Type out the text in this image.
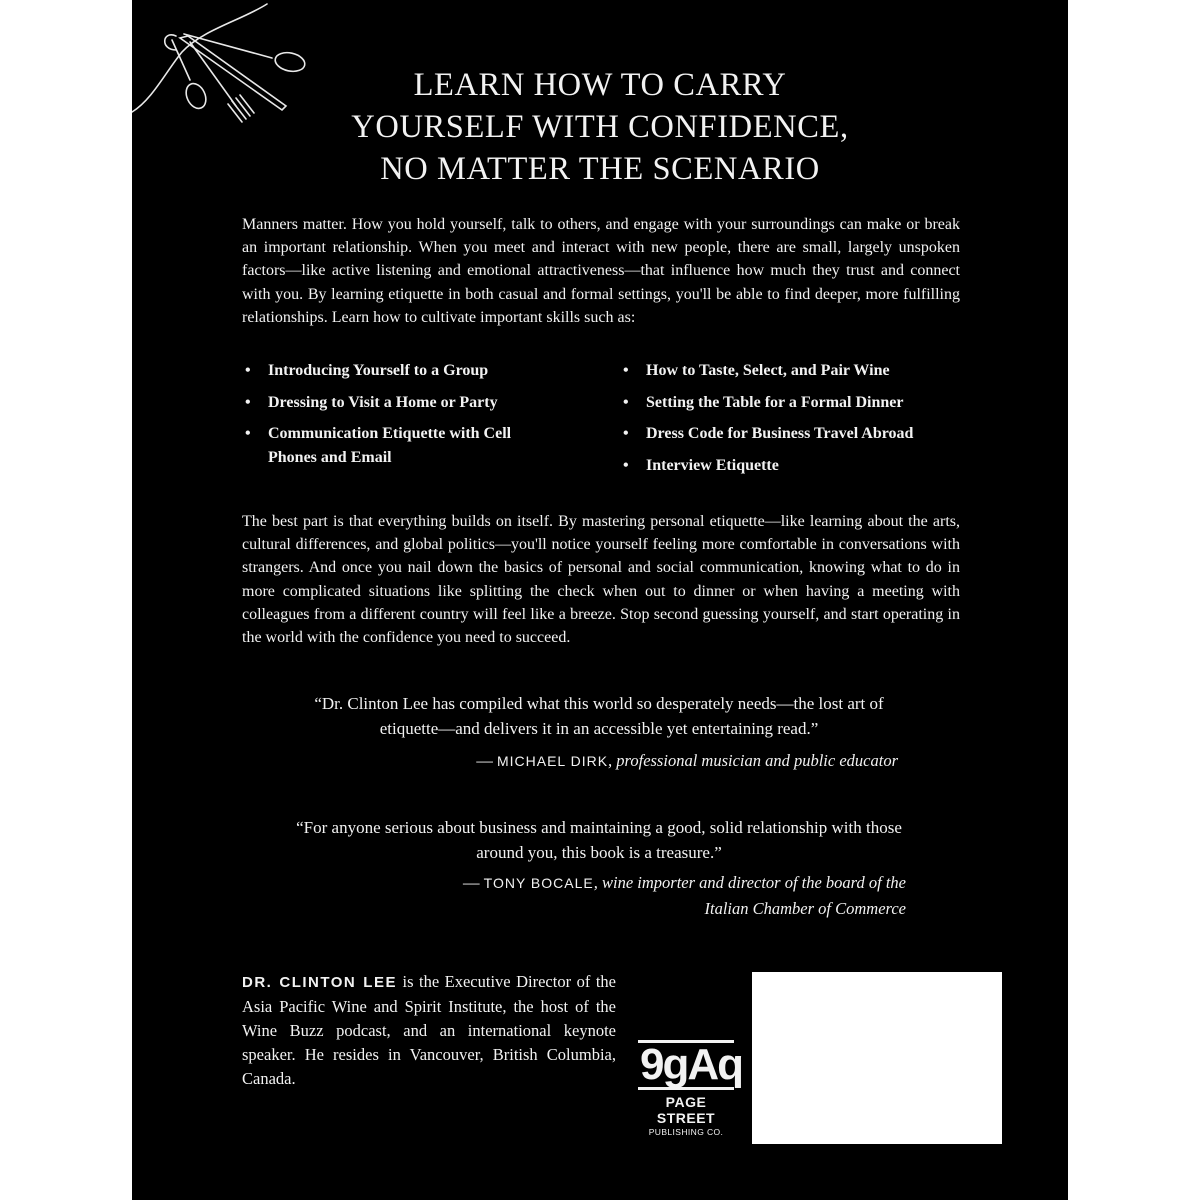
LEARN HOW TO CARRY
YOURSELF WITH CONFIDENCE,
NO MATTER THE SCENARIO

Manners matter. How you hold yourself, talk to others, and engage with your surroundings can make or break an important relationship. When you meet and interact with new people, there are small, largely unspoken factors—like active listening and emotional attractiveness—that influence how much they trust and connect with you. By learning etiquette in both casual and formal settings, you'll be able to find deeper, more fulfilling relationships. Learn how to cultivate important skills such as:

• Introducing Yourself to a Group
• Dressing to Visit a Home or Party
• Communication Etiquette with Cell Phones and Email
• How to Taste, Select, and Pair Wine
• Setting the Table for a Formal Dinner
• Dress Code for Business Travel Abroad
• Interview Etiquette

The best part is that everything builds on itself. By mastering personal etiquette—like learning about the arts, cultural differences, and global politics—you'll notice yourself feeling more comfortable in conversations with strangers. And once you nail down the basics of personal and social communication, knowing what to do in more complicated situations like splitting the check when out to dinner or when having a meeting with colleagues from a different country will feel like a breeze. Stop second guessing yourself, and start operating in the world with the confidence you need to succeed.

“Dr. Clinton Lee has compiled what this world so desperately needs—the lost art of etiquette—and delivers it in an accessible yet entertaining read.”

— MICHAEL DIRK, professional musician and public educator

“For anyone serious about business and maintaining a good, solid relationship with those around you, this book is a treasure.”

— TONY BOCALE, wine importer and director of the board of the
Italian Chamber of Commerce

DR. CLINTON LEE is the Executive Director of the Asia Pacific Wine and Spirit Institute, the host of the Wine Buzz podcast, and an international keynote speaker. He resides in Vancouver, British Columbia, Canada.	9gAq
PAGE STREET
PUBLISHING CO.
